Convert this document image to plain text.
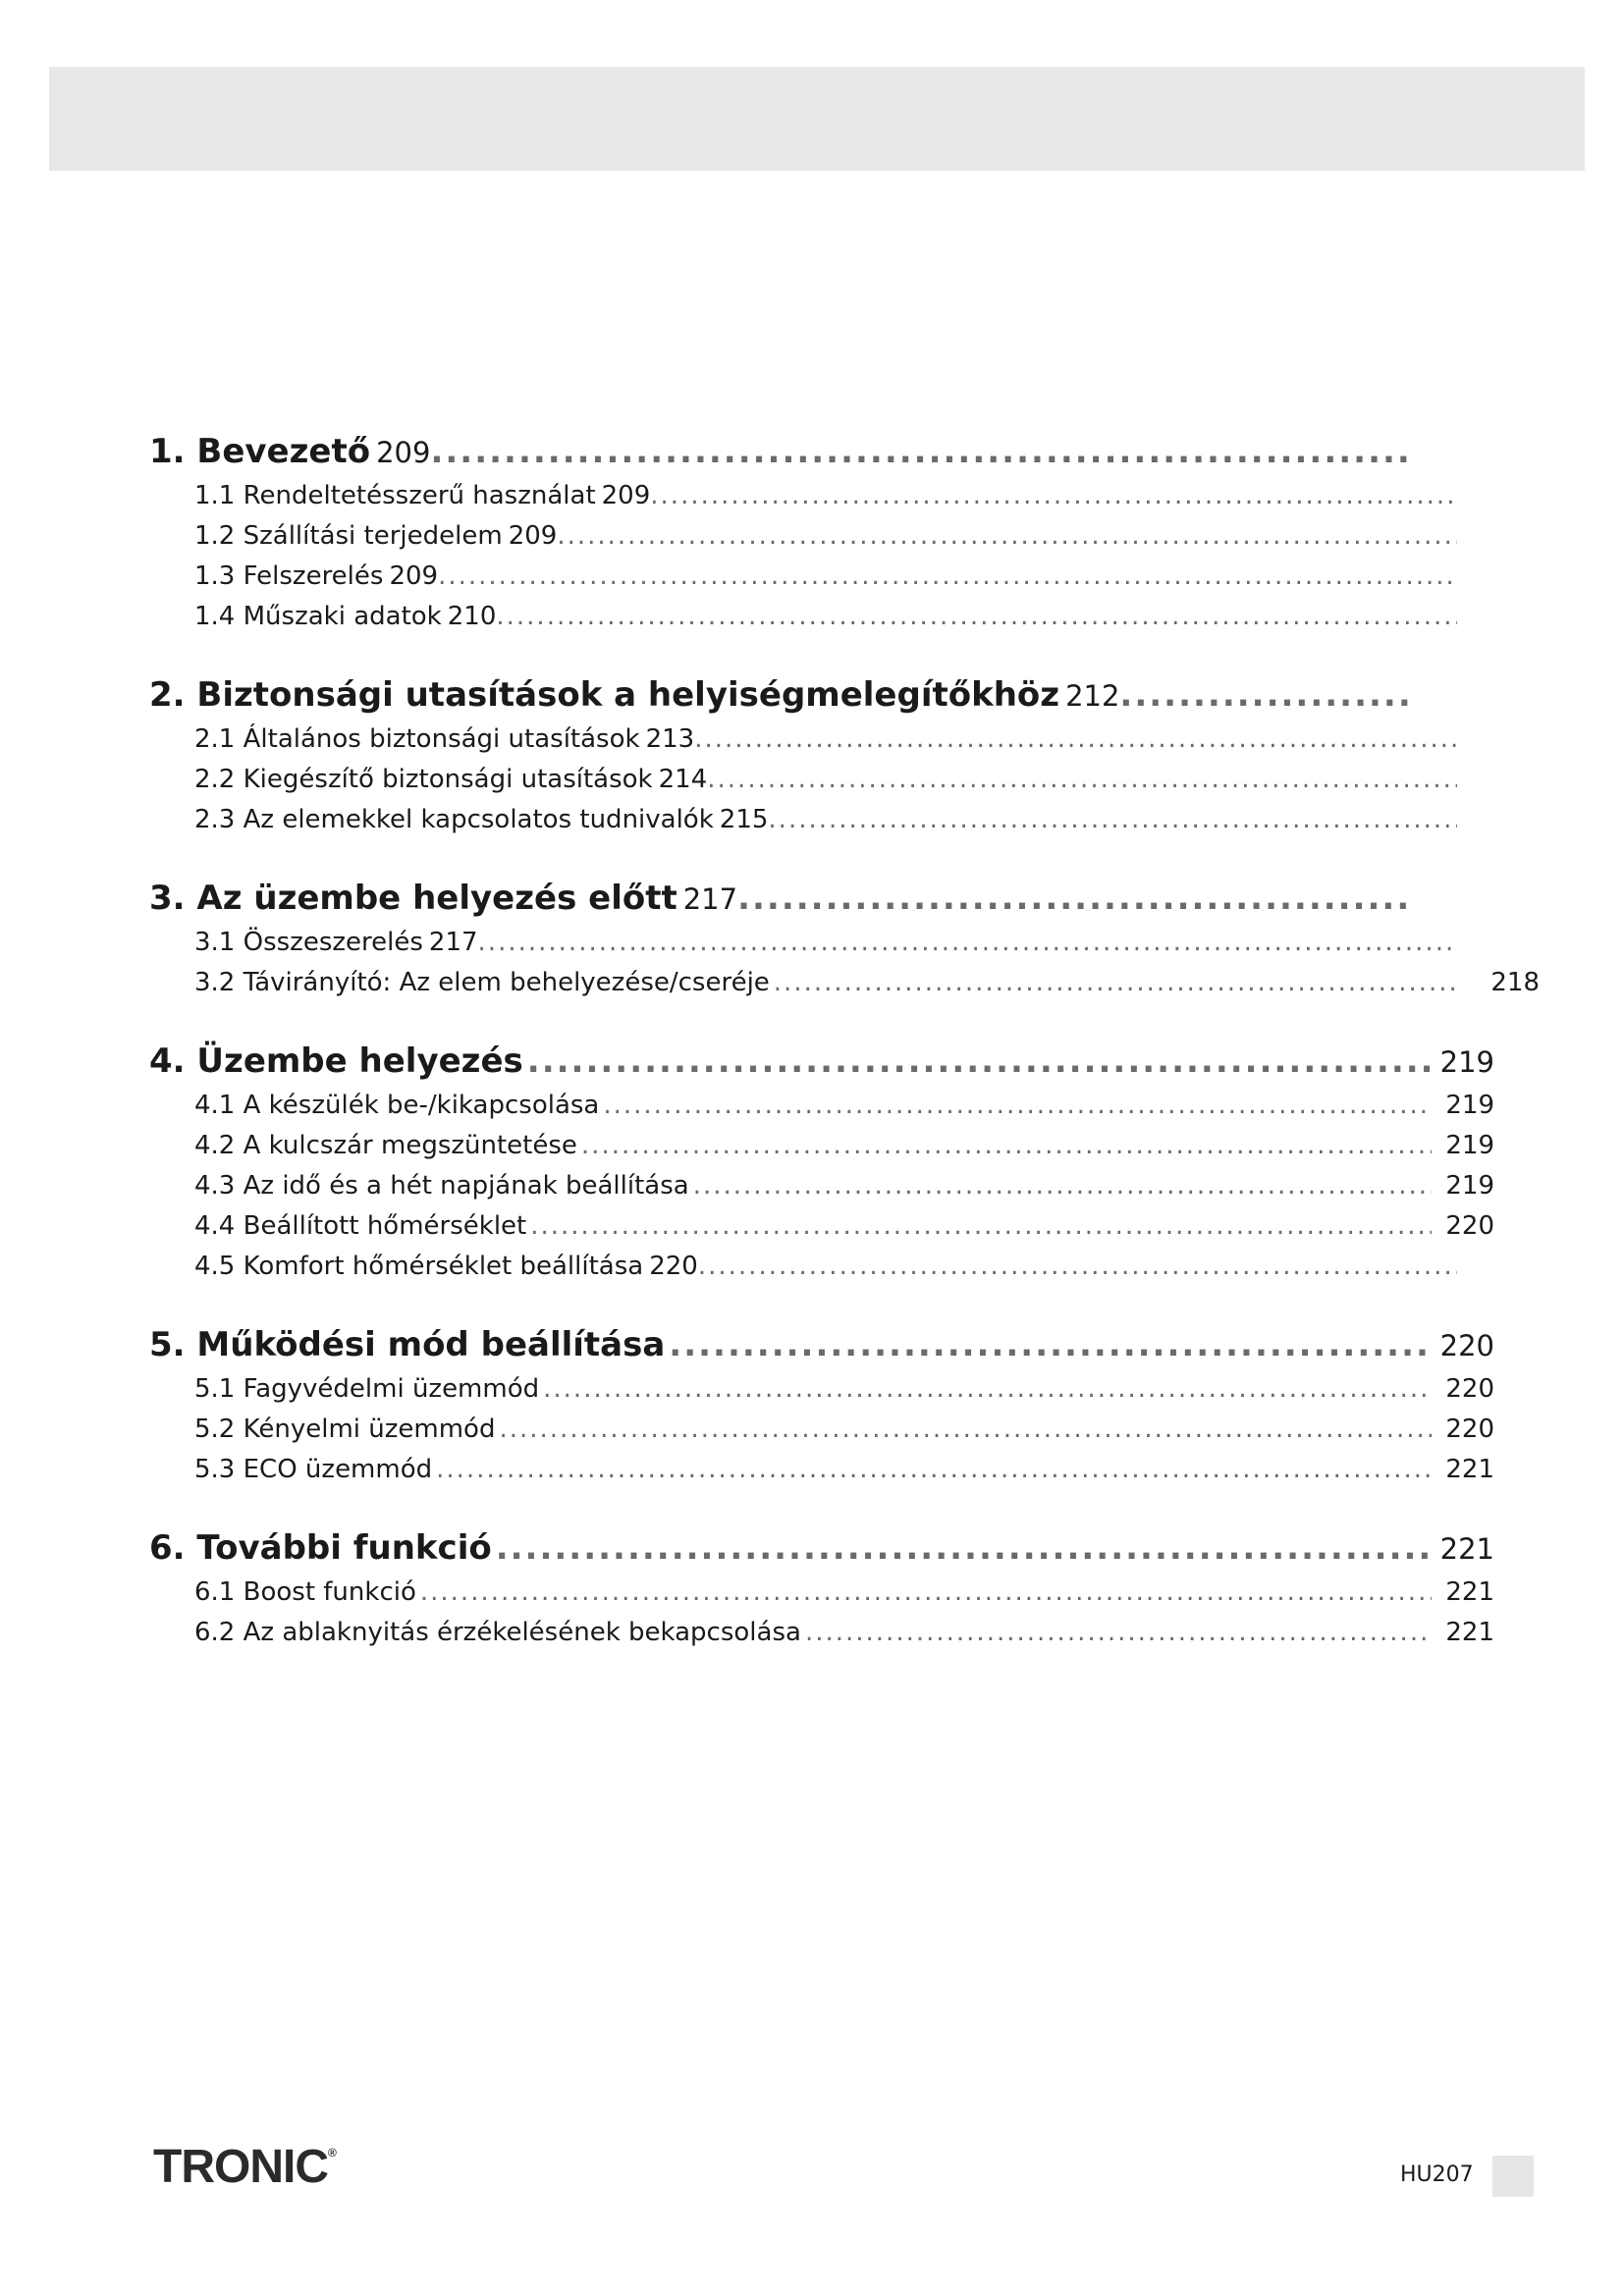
1. Bevezető 209
.....
1.1 Rendeltetésszerű használat 209
.....
1.2 Szállítási terjedelem 209
.....
1.3 Felszerelés 209
.....
1.4 Műszaki adatok 210
.....
2. Biztonsági utasítások a helyiségmelegítőkhöz 212
.....
2.1 Általános biztonsági utasítások 213
.....
2.2 Kiegészítő biztonsági utasítások 214
.....
2.3 Az elemekkel kapcsolatos tudnivalók 215
.....
3. Az üzembe helyezés előtt 217
.....
3.1 Összeszerelés 217
.....
3.2 Távirányító: Az elem behelyezése/cseréje .....	218
4. Üzembe helyezés .....	219
4.1 A készülék be-/kikapcsolása .....	219
4.2 A kulcszár megszüntetése .....	219
4.3 Az idő és a hét napjának beállítása .....	219
4.4 Beállított hőmérséklet .....	220
4.5 Komfort hőmérséklet beállítása 220
.....
5. Működési mód beállítása .....	220
5.1 Fagyvédelmi üzemmód .....	220
5.2 Kényelmi üzemmód .....	220
5.3 ECO üzemmód .....	221
6. További funkció .....	221
6.1 Boost funkció .....	221
6.2 Az ablaknyitás érzékelésének bekapcsolása .....	221
TRONIC®
HU207
